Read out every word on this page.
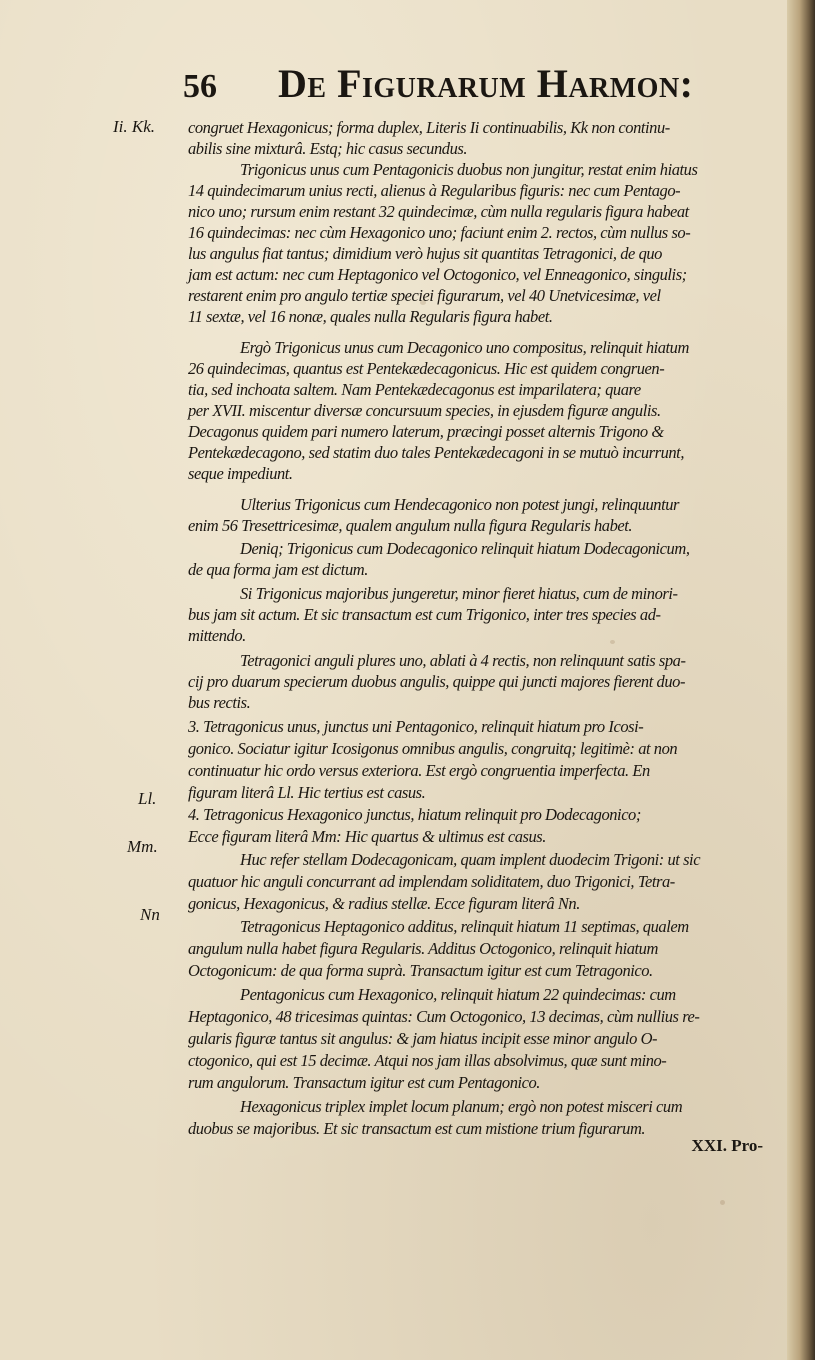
56 De Figurarum Harmon:
Ii. Kk.
Ll.
Mm.
Nn
congruet Hexagonicus; forma duplex, Literis Ii continuabilis, Kk non continu-
abilis sine mixturâ. Estq; hic casus secundus.
Trigonicus unus cum Pentagonicis duobus non jungitur, restat enim hiatus
14 quindecimarum unius recti, alienus à Regularibus figuris: nec cum Pentago-
nico uno; rursum enim restant 32 quindecimæ, cùm nulla regularis figura habeat
16 quindecimas: nec cùm Hexagonico uno; faciunt enim 2. rectos, cùm nullus so-
lus angulus fiat tantus; dimidium verò hujus sit quantitas Tetragonici, de quo
jam est actum: nec cum Heptagonico vel Octogonico, vel Enneagonico, singulis;
restarent enim pro angulo tertiæ speciei figurarum, vel 40 Unetvicesimæ, vel
11 sextæ, vel 16 nonæ, quales nulla Regularis figura habet.
Ergò Trigonicus unus cum Decagonico uno compositus, relinquit hiatum
26 quindecimas, quantus est Pentekædecagonicus. Hic est quidem congruen-
tia, sed inchoata saltem. Nam Pentekædecagonus est imparilatera; quare
per XVII. miscentur diversæ concursuum species, in ejusdem figuræ angulis.
Decagonus quidem pari numero laterum, præcingi posset alternis Trigono &
Pentekædecagono, sed statim duo tales Pentekædecagoni in se mutuò incurrunt,
seque impediunt.
Ulterius Trigonicus cum Hendecagonico non potest jungi, relinquuntur
enim 56 Tresettricesimæ, qualem angulum nulla figura Regularis habet.
Deniq; Trigonicus cum Dodecagonico relinquit hiatum Dodecagonicum,
de qua forma jam est dictum.
Si Trigonicus majoribus jungeretur, minor fieret hiatus, cum de minori-
bus jam sit actum. Et sic transactum est cum Trigonico, inter tres species ad-
mittendo.
Tetragonici anguli plures uno, ablati à 4 rectis, non relinquunt satis spa-
cij pro duarum specierum duobus angulis, quippe qui juncti majores fierent duo-
bus rectis.
3. Tetragonicus unus, junctus uni Pentagonico, relinquit hiatum pro Icosi-
gonico. Sociatur igitur Icosigonus omnibus angulis, congruitq; legitimè: at non
continuatur hic ordo versus exteriora. Est ergò congruentia imperfecta. En
figuram literâ Ll. Hic tertius est casus.
4. Tetragonicus Hexagonico junctus, hiatum relinquit pro Dodecagonico;
Ecce figuram literâ Mm: Hic quartus & ultimus est casus.
Huc refer stellam Dodecagonicam, quam implent duodecim Trigoni: ut sic
quatuor hic anguli concurrant ad implendam soliditatem, duo Trigonici, Tetra-
gonicus, Hexagonicus, & radius stellæ. Ecce figuram literâ Nn.
Tetragonicus Heptagonico additus, relinquit hiatum 11 septimas, qualem
angulum nulla habet figura Regularis. Additus Octogonico, relinquit hiatum
Octogonicum: de qua forma suprà. Transactum igitur est cum Tetragonico.
Pentagonicus cum Hexagonico, relinquit hiatum 22 quindecimas: cum
Heptagonico, 48 tricesimas quintas: Cum Octogonico, 13 decimas, cùm nullius re-
gularis figuræ tantus sit angulus: & jam hiatus incipit esse minor angulo O-
ctogonico, qui est 15 decimæ. Atqui nos jam illas absolvimus, quæ sunt mino-
rum angulorum. Transactum igitur est cum Pentagonico.
Hexagonicus triplex implet locum planum; ergò non potest misceri cum
duobus se majoribus. Et sic transactum est cum mistione trium figurarum.
XXI. Pro-
